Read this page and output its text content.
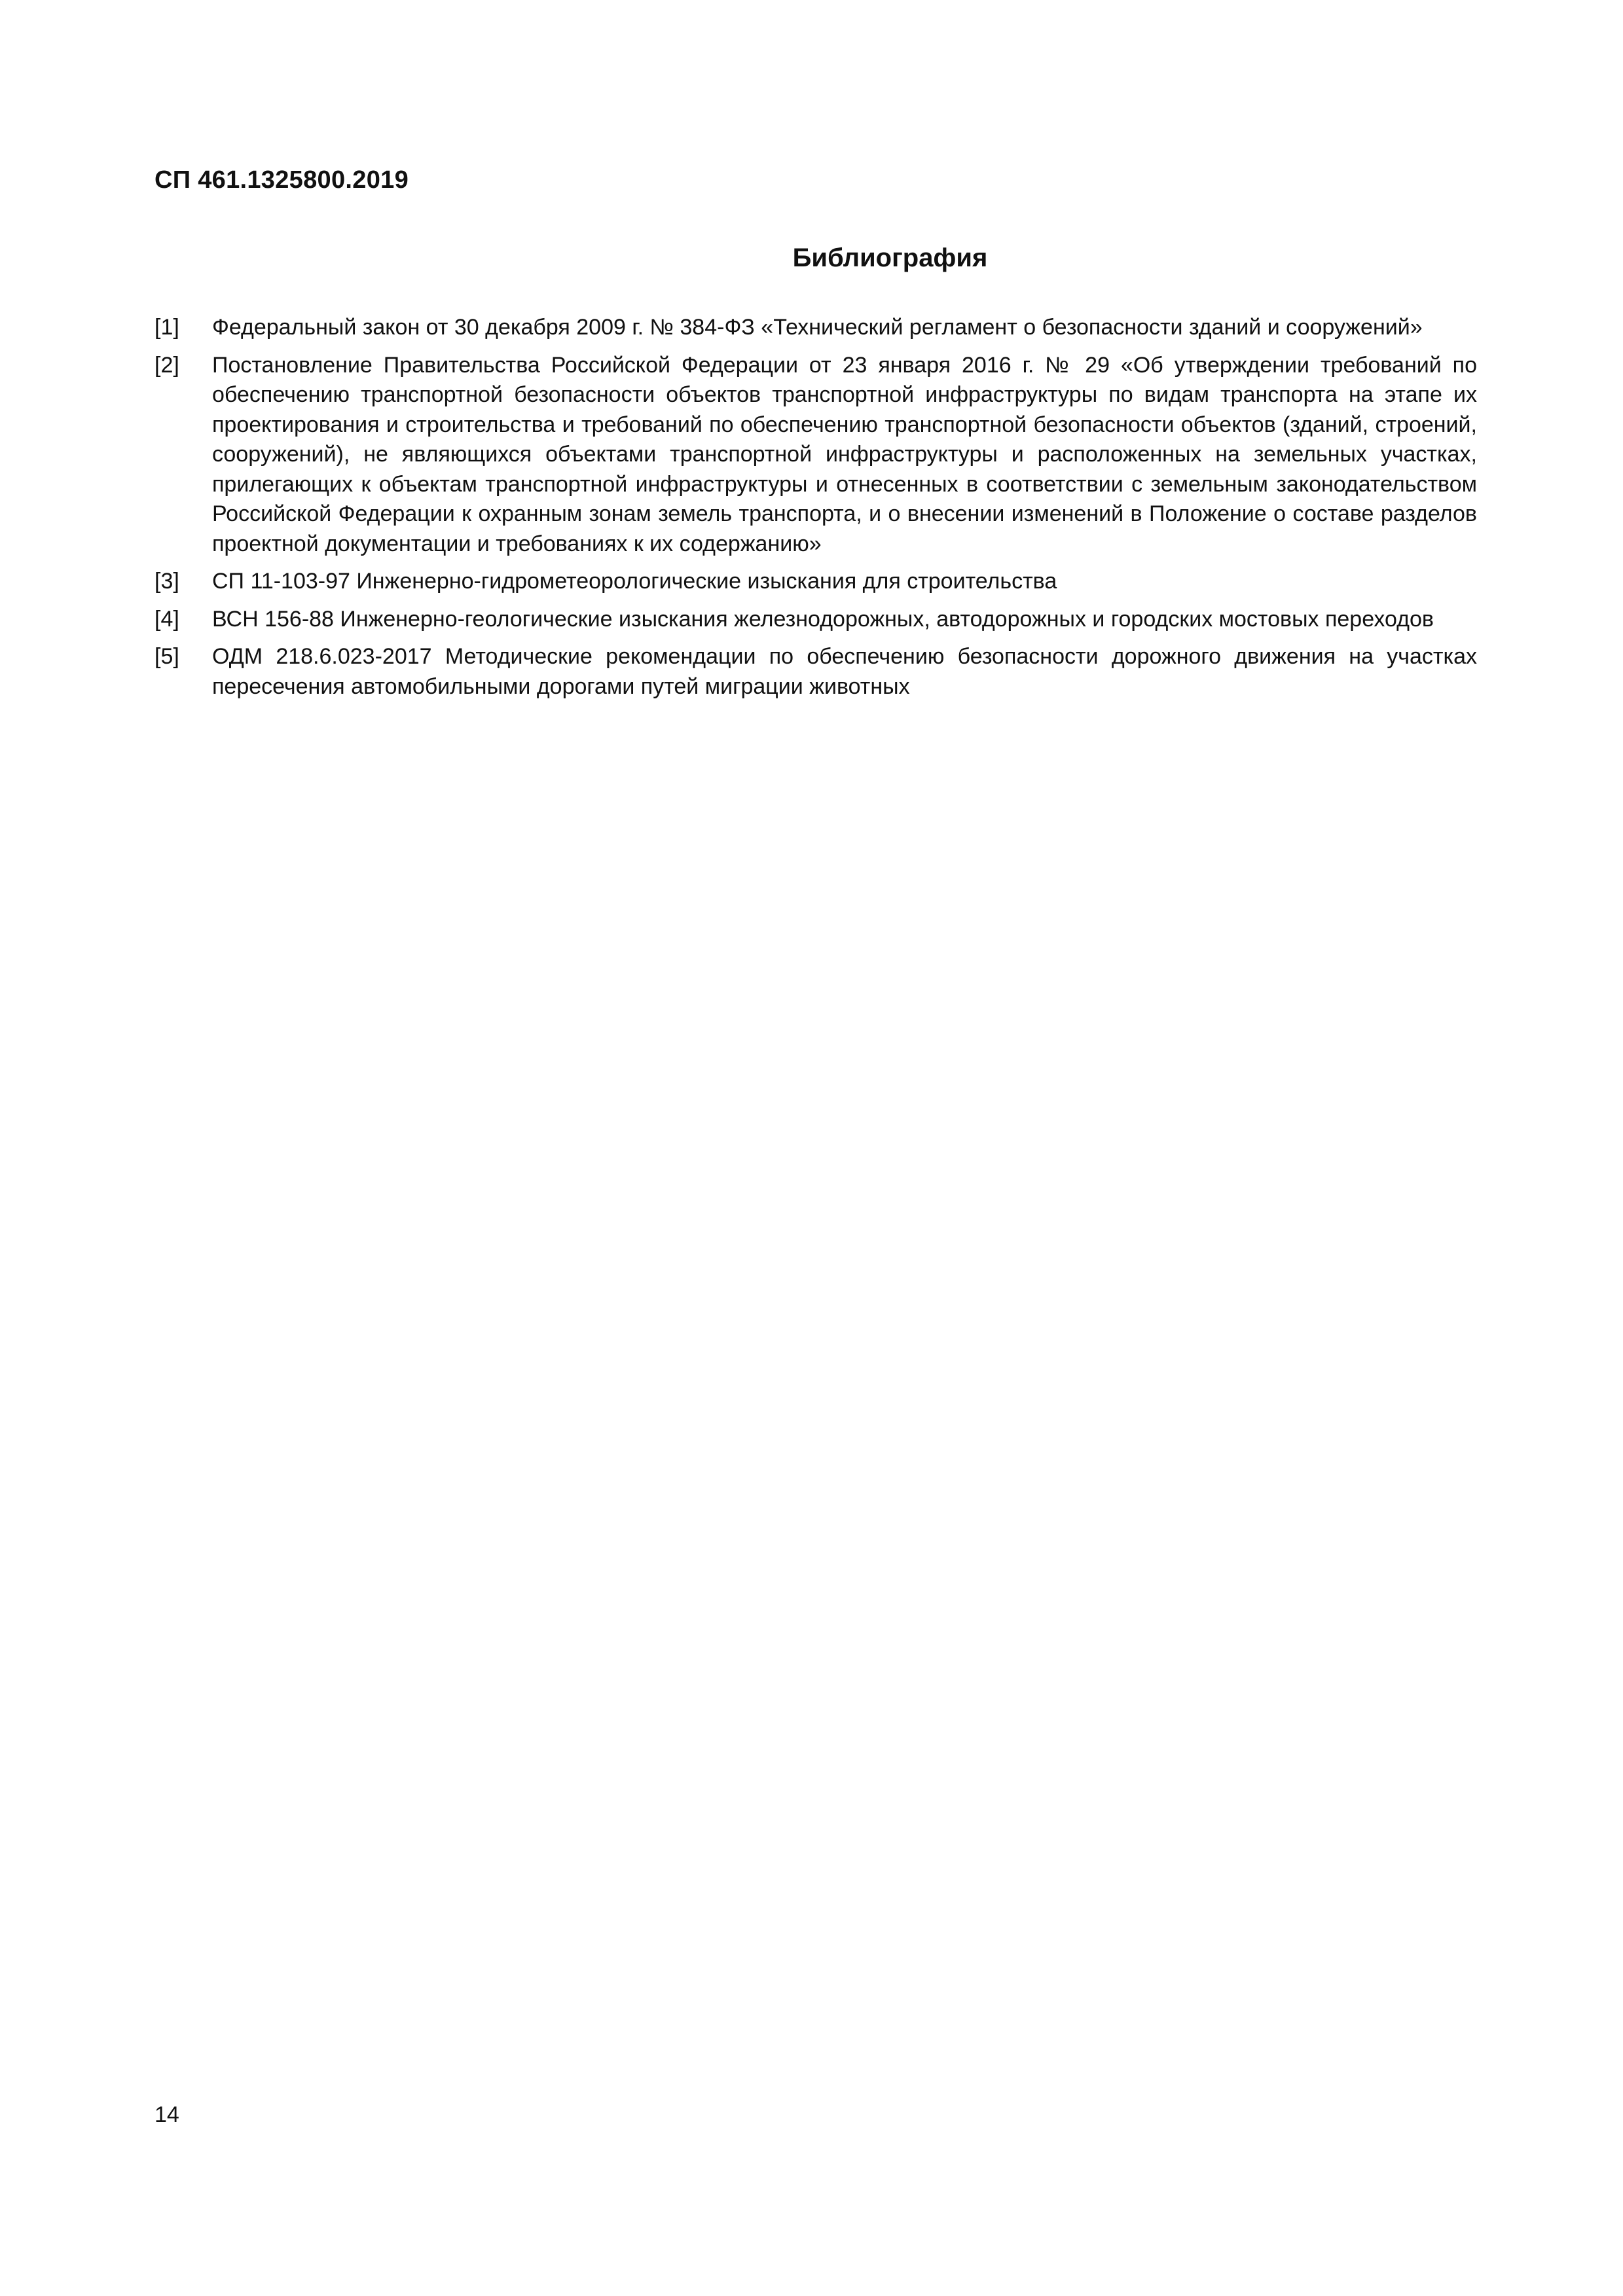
СП 461.1325800.2019
Библиография
[1]	Федеральный закон от 30 декабря 2009 г. № 384-ФЗ «Технический регламент о безопасности зданий и сооружений»
[2]	Постановление Правительства Российской Федерации от 23 января 2016 г. № 29 «Об утверждении требований по обеспечению транспортной безопасности объектов транспортной инфраструктуры по видам транспорта на этапе их проектирования и строительства и требований по обеспечению транспортной безопасности объектов (зданий, строений, сооружений), не являющихся объектами транспортной инфраструктуры и расположенных на земельных участках, прилегающих к объектам транспортной инфраструктуры и отнесенных в соответствии с земельным законодательством Российской Федерации к охранным зонам земель транспорта, и о внесении изменений в Положение о составе разделов проектной документации и требованиях к их содержанию»
[3]	СП 11-103-97 Инженерно-гидрометеорологические изыскания для строительства
[4]	ВСН 156-88 Инженерно-геологические изыскания железнодорожных, автодорожных и городских мостовых переходов
[5]	ОДМ 218.6.023-2017 Методические рекомендации по обеспечению безопасности дорожного движения на участках пересечения автомобильными дорогами путей миграции животных
14
